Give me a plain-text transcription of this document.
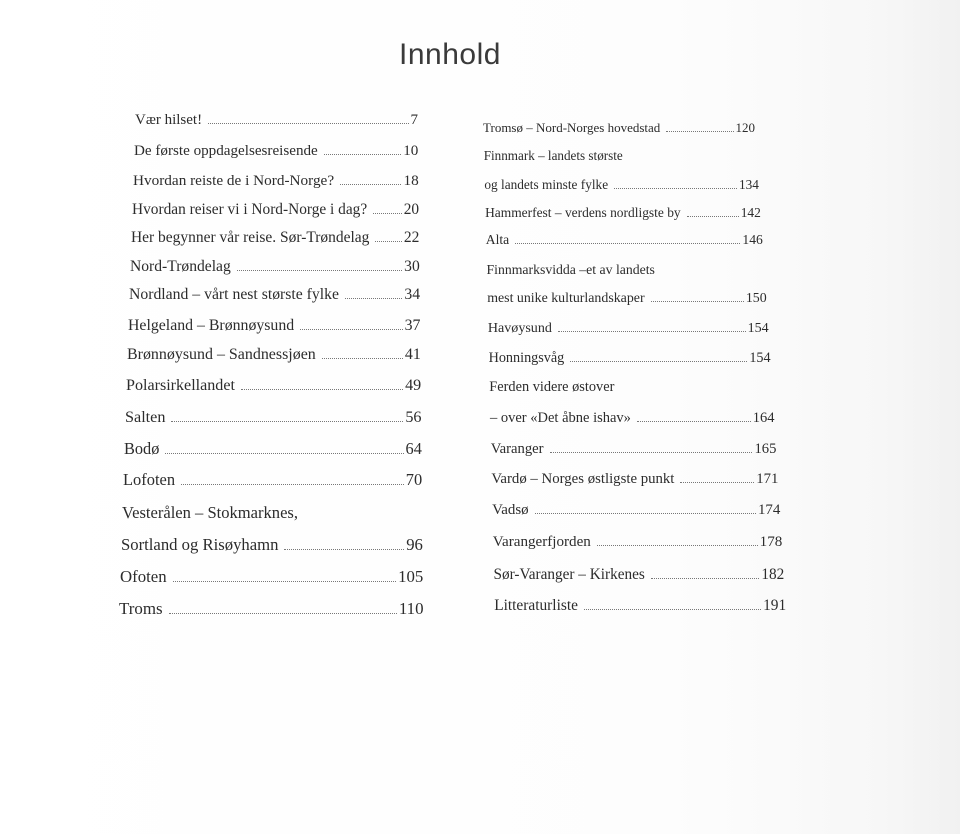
Innhold
Vær hilset!	7
De første oppdagelsesreisende	10
Hvordan reiste de i Nord-Norge?	18
Hvordan reiser vi i Nord-Norge i dag?	20
Her begynner vår reise. Sør-Trøndelag	22
Nord-Trøndelag	30
Nordland – vårt nest største fylke	34
Helgeland – Brønnøysund	37
Brønnøysund – Sandnessjøen	41
Polarsirkellandet	49
Salten	56
Bodø	64
Lofoten	70
Vesterålen – Stokmarknes,
Sortland og Risøyhamn	96
Ofoten	105
Troms	110
Tromsø – Nord-Norges hovedstad	120
Finnmark – landets største
og landets minste fylke	134
Hammerfest – verdens nordligste by	142
Alta	146
Finnmarksvidda –et av landets
mest unike kulturlandskaper	150
Havøysund	154
Honningsvåg	154
Ferden videre østover
– over «Det åbne ishav»	164
Varanger	165
Vardø – Norges østligste punkt	171
Vadsø	174
Varangerfjorden	178
Sør-Varanger – Kirkenes	182
Litteraturliste	191
